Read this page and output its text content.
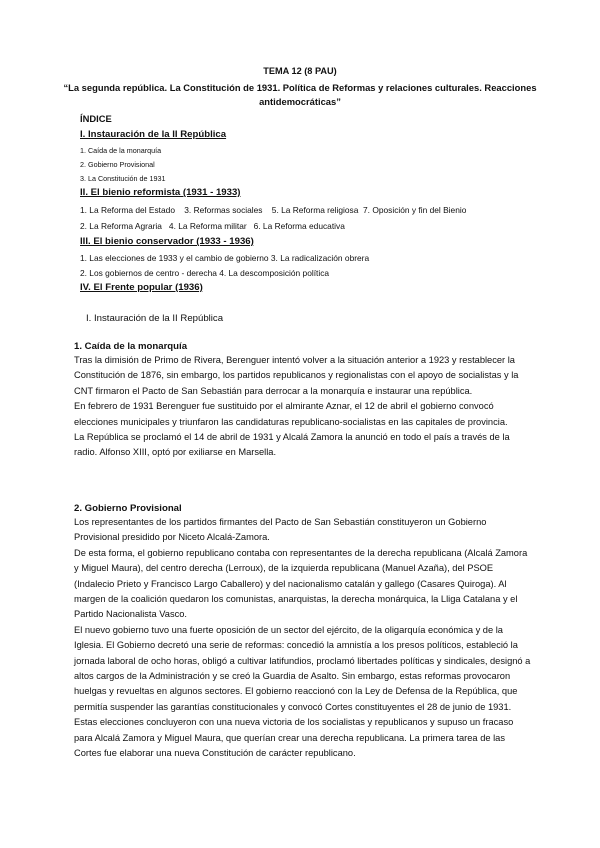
TEMA 12 (8 PAU)
“La segunda república. La Constitución de 1931. Política de Reformas y relaciones culturales. Reacciones antidemocráticas”
ÍNDICE
I. Instauración de la II República
1. Caída de la monarquía
2. Gobierno Provisional
3. La Constitución de 1931
II. El bienio reformista (1931 - 1933)
1. La Reforma del Estado    3. Reformas sociales    5. La Reforma religiosa  7. Oposición y fin del Bienio
2. La Reforma Agraria   4. La Reforma militar   6. La Reforma educativa
III. El bienio conservador (1933 - 1936)
1. Las elecciones de 1933 y el cambio de gobierno 3. La radicalización obrera
2. Los gobiernos de centro - derecha 4. La descomposición política
IV. El Frente popular (1936)
I. Instauración de la II República
1. Caída de la monarquía

Tras la dimisión de Primo de Rivera, Berenguer intentó volver a la situación anterior a 1923 y restablecer la Constitución de 1876, sin embargo, los partidos republicanos y regionalistas con el apoyo de socialistas y la CNT firmaron el Pacto de San Sebastián para derrocar a la monarquía e instaurar una república.

En febrero de 1931 Berenguer fue sustituido por el almirante Aznar, el 12 de abril el gobierno convocó elecciones municipales y triunfaron las candidaturas republicano-socialistas en las capitales de provincia.

La República se proclamó el 14 de abril de 1931 y Alcalá Zamora la anunció en todo el país a través de la radio. Alfonso XIII, optó por exiliarse en Marsella.

2. Gobierno Provisional

Los representantes de los partidos firmantes del Pacto de San Sebastián constituyeron un Gobierno Provisional presidido por Niceto Alcalá-Zamora.

De esta forma, el gobierno republicano contaba con representantes de la derecha republicana (Alcalá Zamora y Miguel Maura), del centro derecha (Lerroux), de la izquierda republicana (Manuel Azaña), del PSOE (Indalecio Prieto y Francisco Largo Caballero) y del nacionalismo catalán y gallego (Casares Quiroga). Al margen de la coalición quedaron los comunistas, anarquistas, la derecha monárquica, la Lliga Catalana y el Partido Nacionalista Vasco.

El nuevo gobierno tuvo una fuerte oposición de un sector del ejército, de la oligarquía económica y de la Iglesia. El Gobierno decretó una serie de reformas: concedió la amnistía a los presos políticos, estableció la jornada laboral de ocho horas, obligó a cultivar latifundios, proclamó libertades políticas y sindicales, designó a altos cargos de la Administración y se creó la Guardia de Asalto. Sin embargo, estas reformas provocaron huelgas y revueltas en algunos sectores. El gobierno reaccionó con la Ley de Defensa de la República, que permitía suspender las garantías constitucionales y convocó Cortes constituyentes el 28 de junio de 1931. Estas elecciones concluyeron con una nueva victoria de los socialistas y republicanos y supuso un fracaso para Alcalá Zamora y Miguel Maura, que querían crear una derecha republicana. La primera tarea de las Cortes fue elaborar una nueva Constitución de carácter republicano.
